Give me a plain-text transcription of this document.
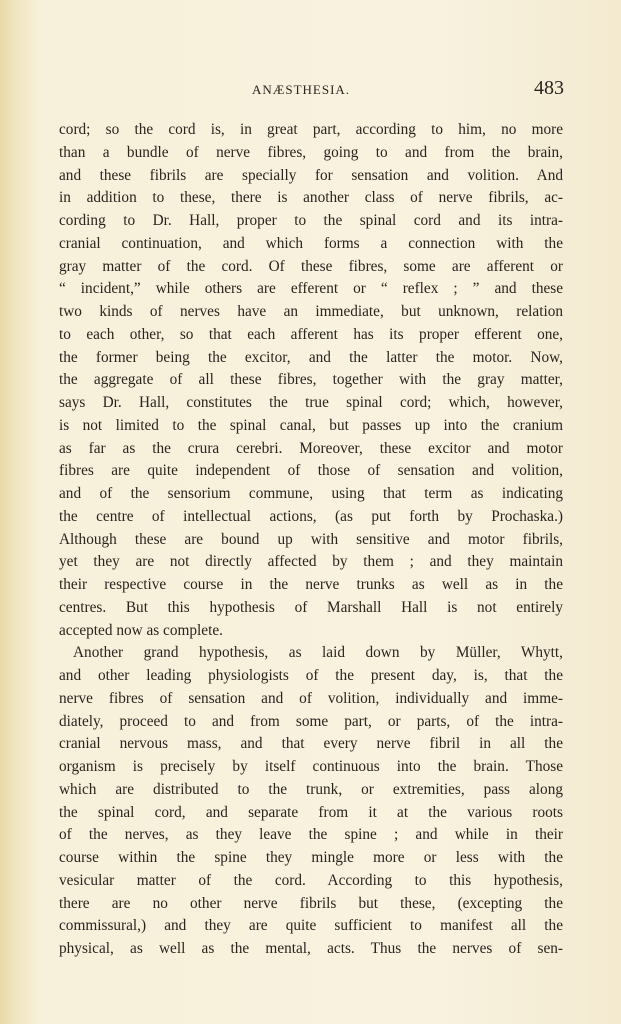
ANÆSTHESIA.	483
cord; so the cord is, in great part, according to him, no more
than a bundle of nerve fibres, going to and from the brain,
and these fibrils are specially for sensation and volition. And
in addition to these, there is another class of nerve fibrils, ac-
cording to Dr. Hall, proper to the spinal cord and its intra-
cranial continuation, and which forms a connection with the
gray matter of the cord. Of these fibres, some are afferent or
“ incident,” while others are efferent or “ reflex ; ” and these
two kinds of nerves have an immediate, but unknown, relation
to each other, so that each afferent has its proper efferent one,
the former being the excitor, and the latter the motor. Now,
the aggregate of all these fibres, together with the gray matter,
says Dr. Hall, constitutes the true spinal cord; which, however,
is not limited to the spinal canal, but passes up into the cranium
as far as the crura cerebri. Moreover, these excitor and motor
fibres are quite independent of those of sensation and volition,
and of the sensorium commune, using that term as indicating
the centre of intellectual actions, (as put forth by Prochaska.)
Although these are bound up with sensitive and motor fibrils,
yet they are not directly affected by them ; and they maintain
their respective course in the nerve trunks as well as in the
centres. But this hypothesis of Marshall Hall is not entirely
accepted now as complete.
Another grand hypothesis, as laid down by Müller, Whytt,
and other leading physiologists of the present day, is, that the
nerve fibres of sensation and of volition, individually and imme-
diately, proceed to and from some part, or parts, of the intra-
cranial nervous mass, and that every nerve fibril in all the
organism is precisely by itself continuous into the brain. Those
which are distributed to the trunk, or extremities, pass along
the spinal cord, and separate from it at the various roots
of the nerves, as they leave the spine ; and while in their
course within the spine they mingle more or less with the
vesicular matter of the cord. According to this hypothesis,
there are no other nerve fibrils but these, (excepting the
commissural,) and they are quite sufficient to manifest all the
physical, as well as the mental, acts. Thus the nerves of sen-
